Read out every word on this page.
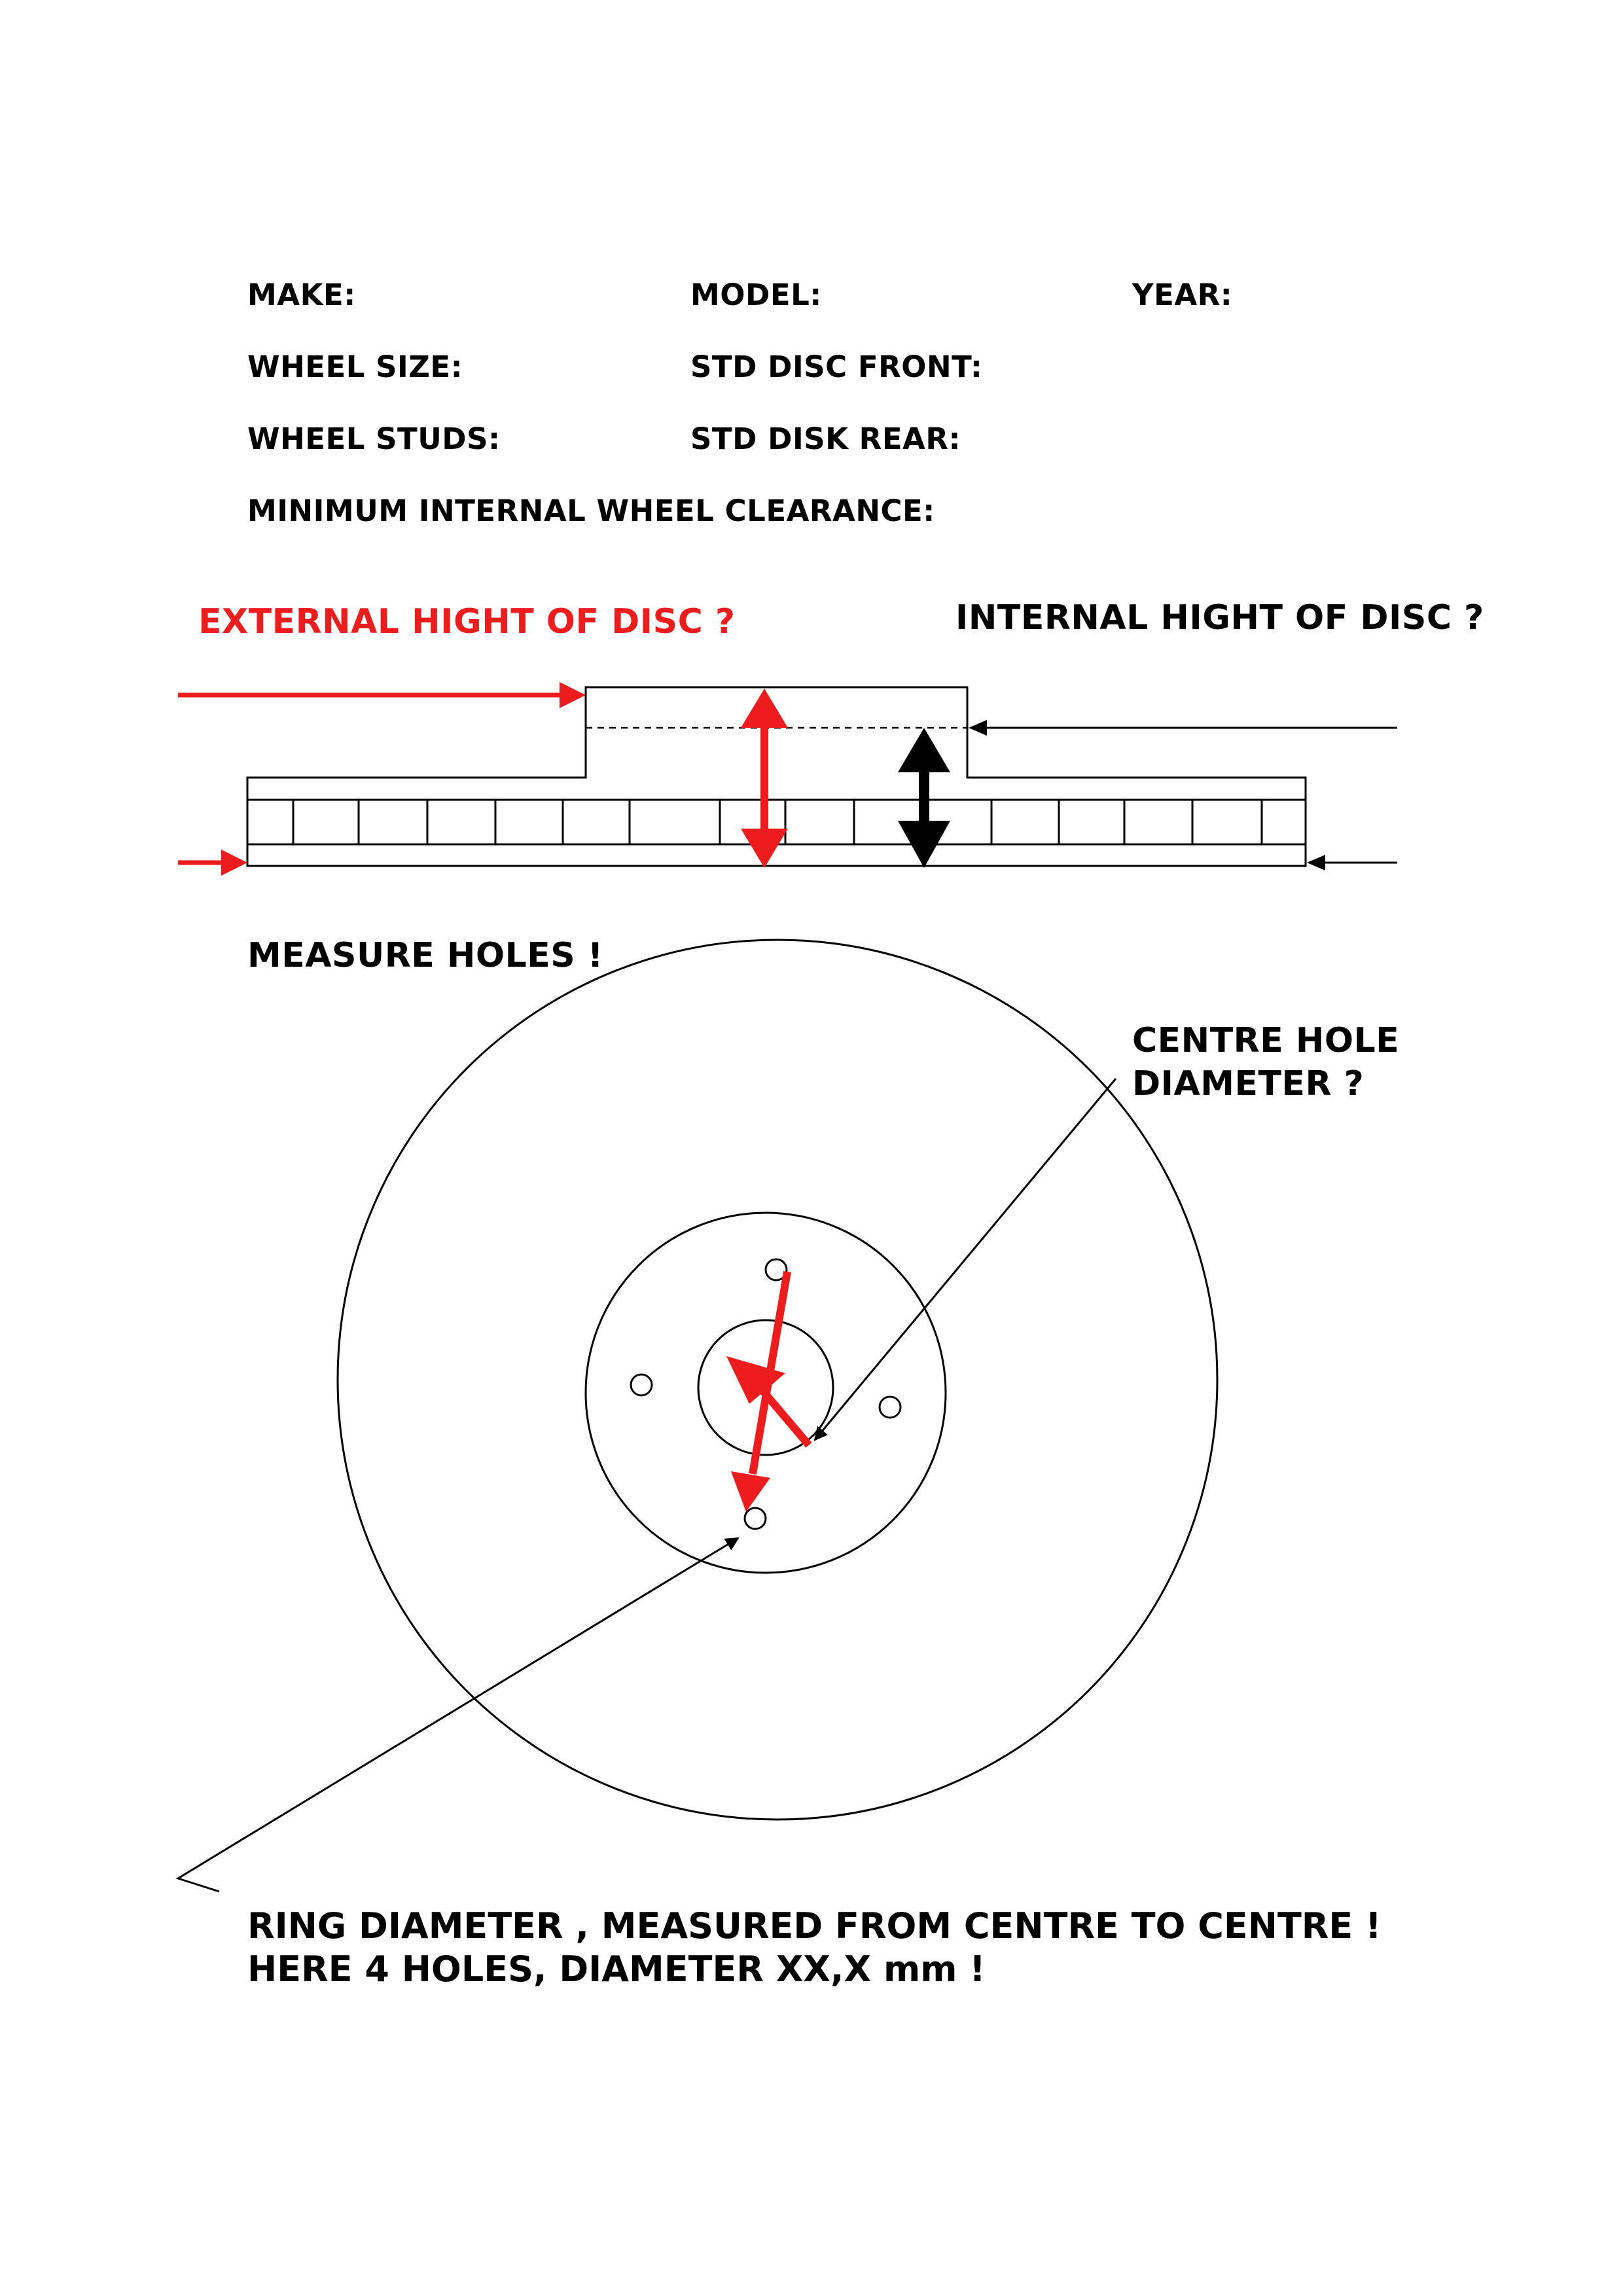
MAKE:	MODEL:	YEAR:
WHEEL SIZE:	STD DISC FRONT:
WHEEL STUDS:	STD DISK REAR:
MINIMUM INTERNAL WHEEL CLEARANCE:
EXTERNAL HIGHT OF DISC ?	INTERNAL HIGHT OF DISC ?
MEASURE HOLES !
CENTRE HOLE
DIAMETER ?
RING DIAMETER , MEASURED FROM CENTRE TO CENTRE !
HERE 4 HOLES, DIAMETER XX,X mm !
